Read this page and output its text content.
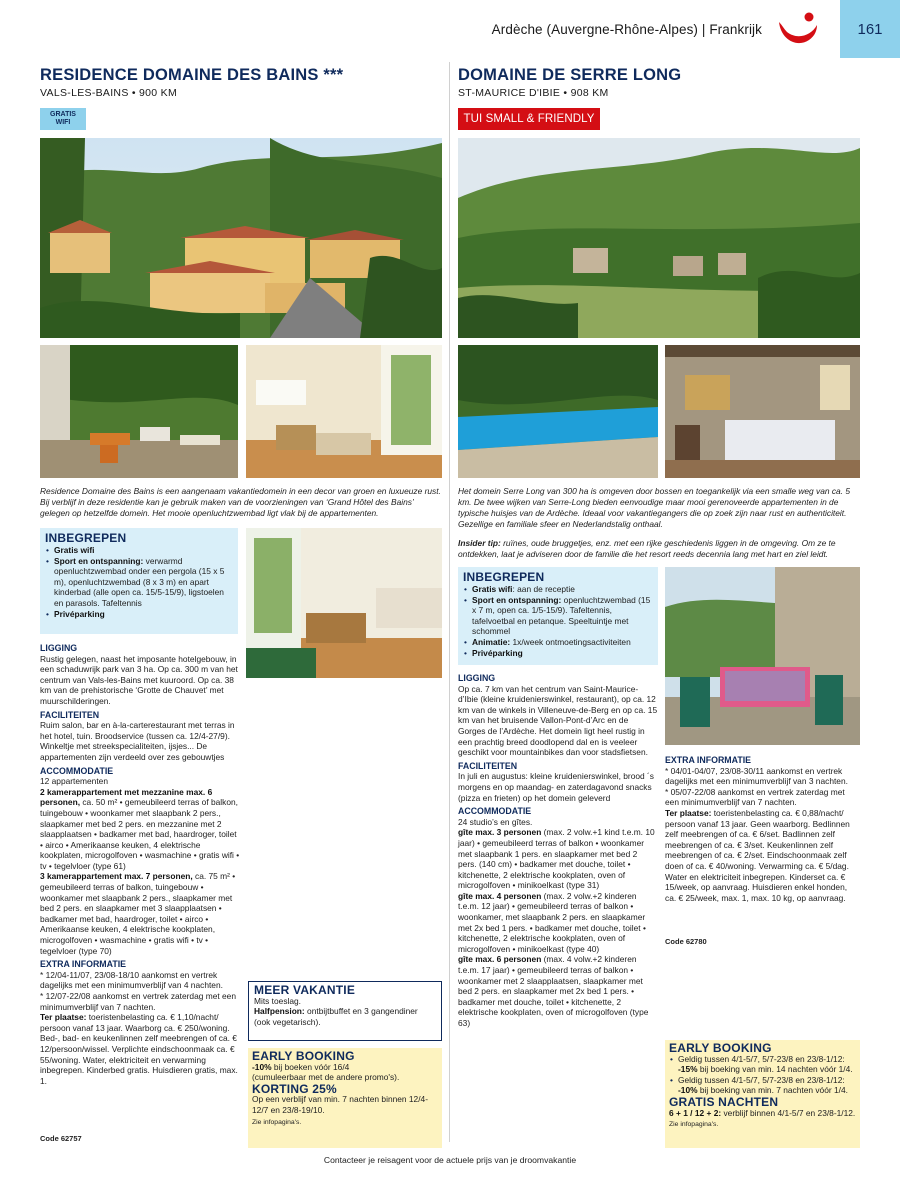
Ardèche (Auvergne-Rhône-Alpes) | Frankrijk	161
RESIDENCE DOMAINE DES BAINS ***
VALS-LES-BAINS • 900 KM
GRATIS
WIFI
Residence Domaine des Bains is een aangenaam vakantiedomein in een decor van groen en luxueuze rust. Bij verblijf in deze residentie kan je gebruik maken van de voorzieningen van ‘Grand Hôtel des Bains’ gelegen op hetzelfde domein. Het mooie openluchtzwembad ligt vlak bij de appartementen.
INBEGREPEN
• Gratis wifi
• Sport en ontspanning: verwarmd openluchtzwembad onder een pergola (15 x 5 m), openluchtzwembad (8 x 3 m) en apart kinderbad (alle open ca. 15/5-15/9), ligstoelen en parasols. Tafeltennis
• Privéparking
LIGGING
Rustig gelegen, naast het imposante hotelgebouw, in een schaduwrijk park van 3 ha. Op ca. 300 m van het centrum van Vals-les-Bains met kuuroord. Op ca. 38 km van de prehistorische ‘Grotte de Chauvet’ met muurschilderingen.
FACILITEITEN
Ruim salon, bar en à-la-carterestaurant met terras in het hotel, tuin. Broodservice (tussen ca. 12/4-27/9). Winkeltje met streekspecialiteiten, ijsjes... De appartementen zijn verdeeld over zes gebouwtjes
ACCOMMODATIE
12 appartementen
2 kamerappartement met mezzanine max. 6 personen, ca. 50 m² • gemeubileerd terras of balkon, tuingebouw • woonkamer met slaapbank 2 pers., slaapkamer met bed 2 pers. en mezzanine met 2 slaapplaatsen • badkamer met bad, haardroger, toilet • airco • Amerikaanse keuken, 4 elektrische kookplaten, microgolfoven • wasmachine • gratis wifi • tv • tegelvloer (type 61)
3 kamerappartement max. 7 personen, ca. 75 m² • gemeubileerd terras of balkon, tuingebouw • woonkamer met slaapbank 2 pers., slaapkamer met bed 2 pers. en slaapkamer met 3 slaapplaatsen • badkamer met bad, haardroger, toilet • airco • Amerikaanse keuken, 4 elektrische kookplaten, microgolfoven • wasmachine • gratis wifi • tv • tegelvloer (type 70)
EXTRA INFORMATIE
* 12/04-11/07, 23/08-18/10 aankomst en vertrek dagelijks met een minimumverblijf van 4 nachten.
* 12/07-22/08 aankomst en vertrek zaterdag met een minimumverblijf van 7 nachten.
Ter plaatse: toeristenbelasting ca. € 1,10/nacht/ persoon vanaf 13 jaar. Waarborg ca. € 250/woning. Bed-, bad- en keukenlinnen zelf meebrengen of ca. € 12/persoon/wissel. Verplichte eindschoonmaak ca. € 55/woning. Water, elektriciteit en verwarming inbegrepen. Kinderbed gratis. Huisdieren gratis, max. 1.
Code 62757
MEER VAKANTIE
Mits toeslag.
Halfpension: ontbijtbuffet en 3 gangendiner (ook vegetarisch).
EARLY BOOKING
-10% bij boeken vóór 16/4
(cumuleerbaar met de andere promo's).
KORTING 25%
Op een verblijf van min. 7 nachten binnen 12/4-12/7 en 23/8-19/10.
Zie infopagina's.
DOMAINE DE SERRE LONG
ST-MAURICE D'IBIE • 908 KM
TUI SMALL & FRIENDLY
Het domein Serre Long van 300 ha is omgeven door bossen en toegankelijk via een smalle weg van ca. 5 km. De twee wijken van Serre-Long bieden eenvoudige maar mooi gerenoveerde appartementen in de typische huisjes van de Ardèche. Ideaal voor vakantiegangers die op zoek zijn naar rust en authenticiteit. Gezellige en familiale sfeer en Nederlandstalig onthaal.
Insider tip: ruïnes, oude bruggetjes, enz. met een rijke geschiedenis liggen in de omgeving. Om ze te ontdekken, laat je adviseren door de familie die het resort reeds decennia lang met hart en ziel leidt.
INBEGREPEN
• Gratis wifi: aan de receptie
• Sport en ontspanning: openluchtzwembad (15 x 7 m, open ca. 1/5-15/9). Tafeltennis, tafelvoetbal en petanque. Speeltuintje met schommel
• Animatie: 1x/week ontmoetingsactiviteiten
• Privéparking
LIGGING
Op ca. 7 km van het centrum van Saint-Maurice-d’Ibie (kleine kruidenierswinkel, restaurant), op ca. 12 km van de winkels in Villeneuve-de-Berg en op ca. 15 km van het bruisende Vallon-Pont-d’Arc en de Gorges de l’Ardèche. Het domein ligt heel rustig in een prachtig breed doodlopend dal en is veeleer geschikt voor mountainbikes dan voor stadsfietsen.
FACILITEITEN
In juli en augustus: kleine kruidenierswinkel, brood ´s morgens en op maandag- en zaterdagavond snacks (pizza en frieten) op het domein geleverd
ACCOMMODATIE
24 studio’s en gîtes.
gîte max. 3 personen (max. 2 volw.+1 kind t.e.m. 10 jaar) • gemeubileerd terras of balkon • woonkamer met slaapbank 1 pers. en slaapkamer met bed 2 pers. (140 cm) • badkamer met douche, toilet • kitchenette, 2 elektrische kookplaten, oven of microgolfoven • minikoelkast (type 31)
gîte max. 4 personen (max. 2 volw.+2 kinderen t.e.m. 12 jaar) • gemeubileerd terras of balkon • woonkamer, met slaapbank 2 pers. en slaapkamer met 2x bed 1 pers. • badkamer met douche, toilet • kitchenette, 2 elektrische kookplaten, oven of microgolfoven • minikoelkast (type 40)
gîte max. 6 personen (max. 4 volw.+2 kinderen t.e.m. 17 jaar) • gemeubileerd terras of balkon • woonkamer met 2 slaapplaatsen, slaapkamer met bed 2 pers. en slaapkamer met 2x bed 1 pers. • badkamer met douche, toilet • kitchenette, 2 elektrische kookplaten, oven of microgolfoven (type 63)
EXTRA INFORMATIE
* 04/01-04/07, 23/08-30/11 aankomst en vertrek dagelijks met een minimumverblijf van 3 nachten.
* 05/07-22/08 aankomst en vertrek zaterdag met een minimumverblijf van 7 nachten.
Ter plaatse: toeristenbelasting ca. € 0,88/nacht/ persoon vanaf 13 jaar. Geen waarborg. Bedlinnen zelf meebrengen of ca. € 6/set. Badlinnen zelf meebrengen of ca. € 3/set. Keukenlinnen zelf meebrengen of ca. € 2/set. Eindschoonmaak zelf doen of ca. € 40/woning. Verwarming ca. € 5/dag. Water en elektriciteit inbegrepen. Kinderset ca. € 15/week, op aanvraag. Huisdieren enkel honden, ca. € 25/week, max. 1, max. 10 kg, op aanvraag.
Code 62780
EARLY BOOKING
• Geldig tussen 4/1-5/7, 5/7-23/8 en 23/8-1/12:
-15% bij boeking van min. 14 nachten vóór 1/4.
• Geldig tussen 4/1-5/7, 5/7-23/8 en 23/8-1/12:
-10% bij boeking van min. 7 nachten vóór 1/4.
GRATIS NACHTEN
6 + 1 / 12 + 2: verblijf binnen 4/1-5/7 en 23/8-1/12.
Zie infopagina's.
Contacteer je reisagent voor de actuele prijs van je droomvakantie
